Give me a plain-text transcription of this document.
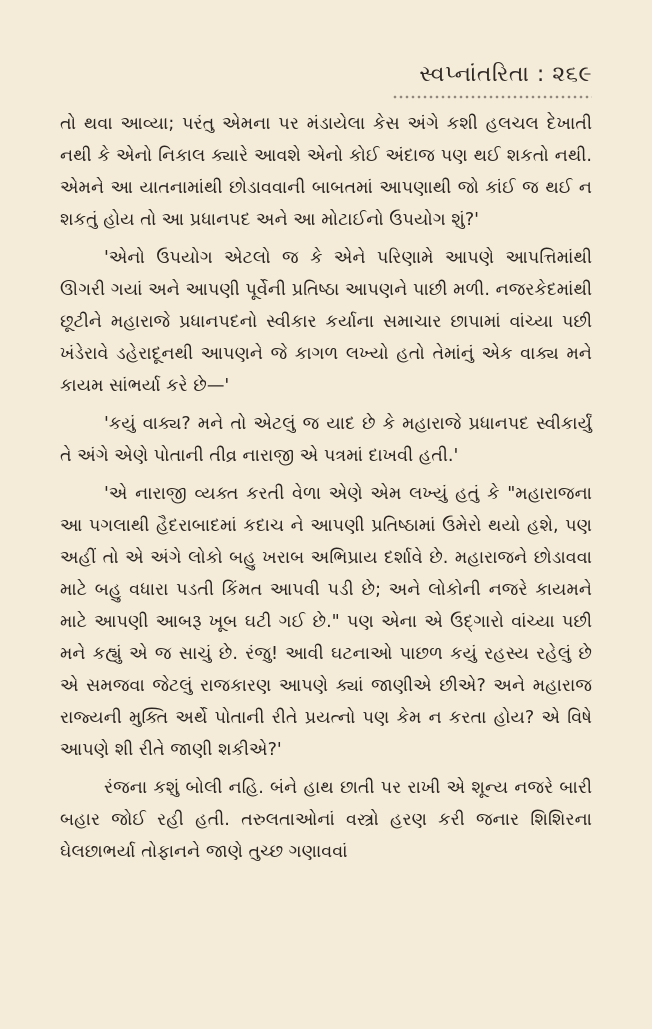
સ્વપ્નાંતરિતા : ૨૬૯

તો થવા આવ્યા; પરંતુ એમના પર મંડાયેલા કેસ અંગે કશી હલચલ દેખાતી નથી કે એનો નિકાલ ક્યારે આવશે એનો કોઈ અંદાજ પણ થઈ શકતો નથી. એમને આ યાતનામાંથી છોડાવવાની બાબતમાં આપણાથી જો કાંઈ જ થઈ ન શકતું હોય તો આ પ્રધાનપદ અને આ મોટાઈનો ઉપયોગ શું?'

'એનો ઉપયોગ એટલો જ કે એને પરિણામે આપણે આપત્તિમાંથી ઊગરી ગયાં અને આપણી પૂર્વેની પ્રતિષ્ઠા આપણને પાછી મળી. નજરકેદમાંથી છૂટીને મહારાજે પ્રધાનપદનો સ્વીકાર કર્યાના સમાચાર છાપામાં વાંચ્યા પછી ખંડેરાવે ડહેરાદૂનથી આપણને જે કાગળ લખ્યો હતો તેમાંનું એક વાક્ય મને કાયમ સાંભર્યા કરે છે—'

'કયું વાક્ય? મને તો એટલું જ યાદ છે કે મહારાજે પ્રધાનપદ સ્વીકાર્યું તે અંગે એણે પોતાની તીવ્ર નારાજી એ પત્રમાં દાખવી હતી.'

'એ નારાજી વ્યક્ત કરતી વેળા એણે એમ લખ્યું હતું કે "મહારાજના આ પગલાથી હૈદરાબાદમાં કદાચ ને આપણી પ્રતિષ્ઠામાં ઉમેરો થયો હશે, પણ અહીં તો એ અંગે લોકો બહુ ખરાબ અભિપ્રાય દર્શાવે છે. મહારાજને છોડાવવા માટે બહુ વધારા પડતી કિંમત આપવી પડી છે; અને લોકોની નજરે કાયમને માટે આપણી આબરૂ ખૂબ ઘટી ગઈ છે." પણ એના એ ઉદ્ગારો વાંચ્યા પછી મને કહ્યું એ જ સાચું છે. રંજુ! આવી ઘટનાઓ પાછળ કયું રહસ્ય રહેલું છે એ સમજવા જેટલું રાજકારણ આપણે ક્યાં જાણીએ છીએ? અને મહારાજ રાજ્યની મુક્તિ અર્થે પોતાની રીતે પ્રયત્નો પણ કેમ ન કરતા હોય? એ વિષે આપણે શી રીતે જાણી શકીએ?'

રંજના કશું બોલી નહિ. બંને હાથ છાતી પર રાખી એ શૂન્ય નજરે બારી બહાર જોઈ રહી હતી. તરુલતાઓનાં વસ્ત્રો હરણ કરી જનાર શિશિરના ઘેલછાભર્યા તોફાનને જાણે તુચ્છ ગણાવવાં
